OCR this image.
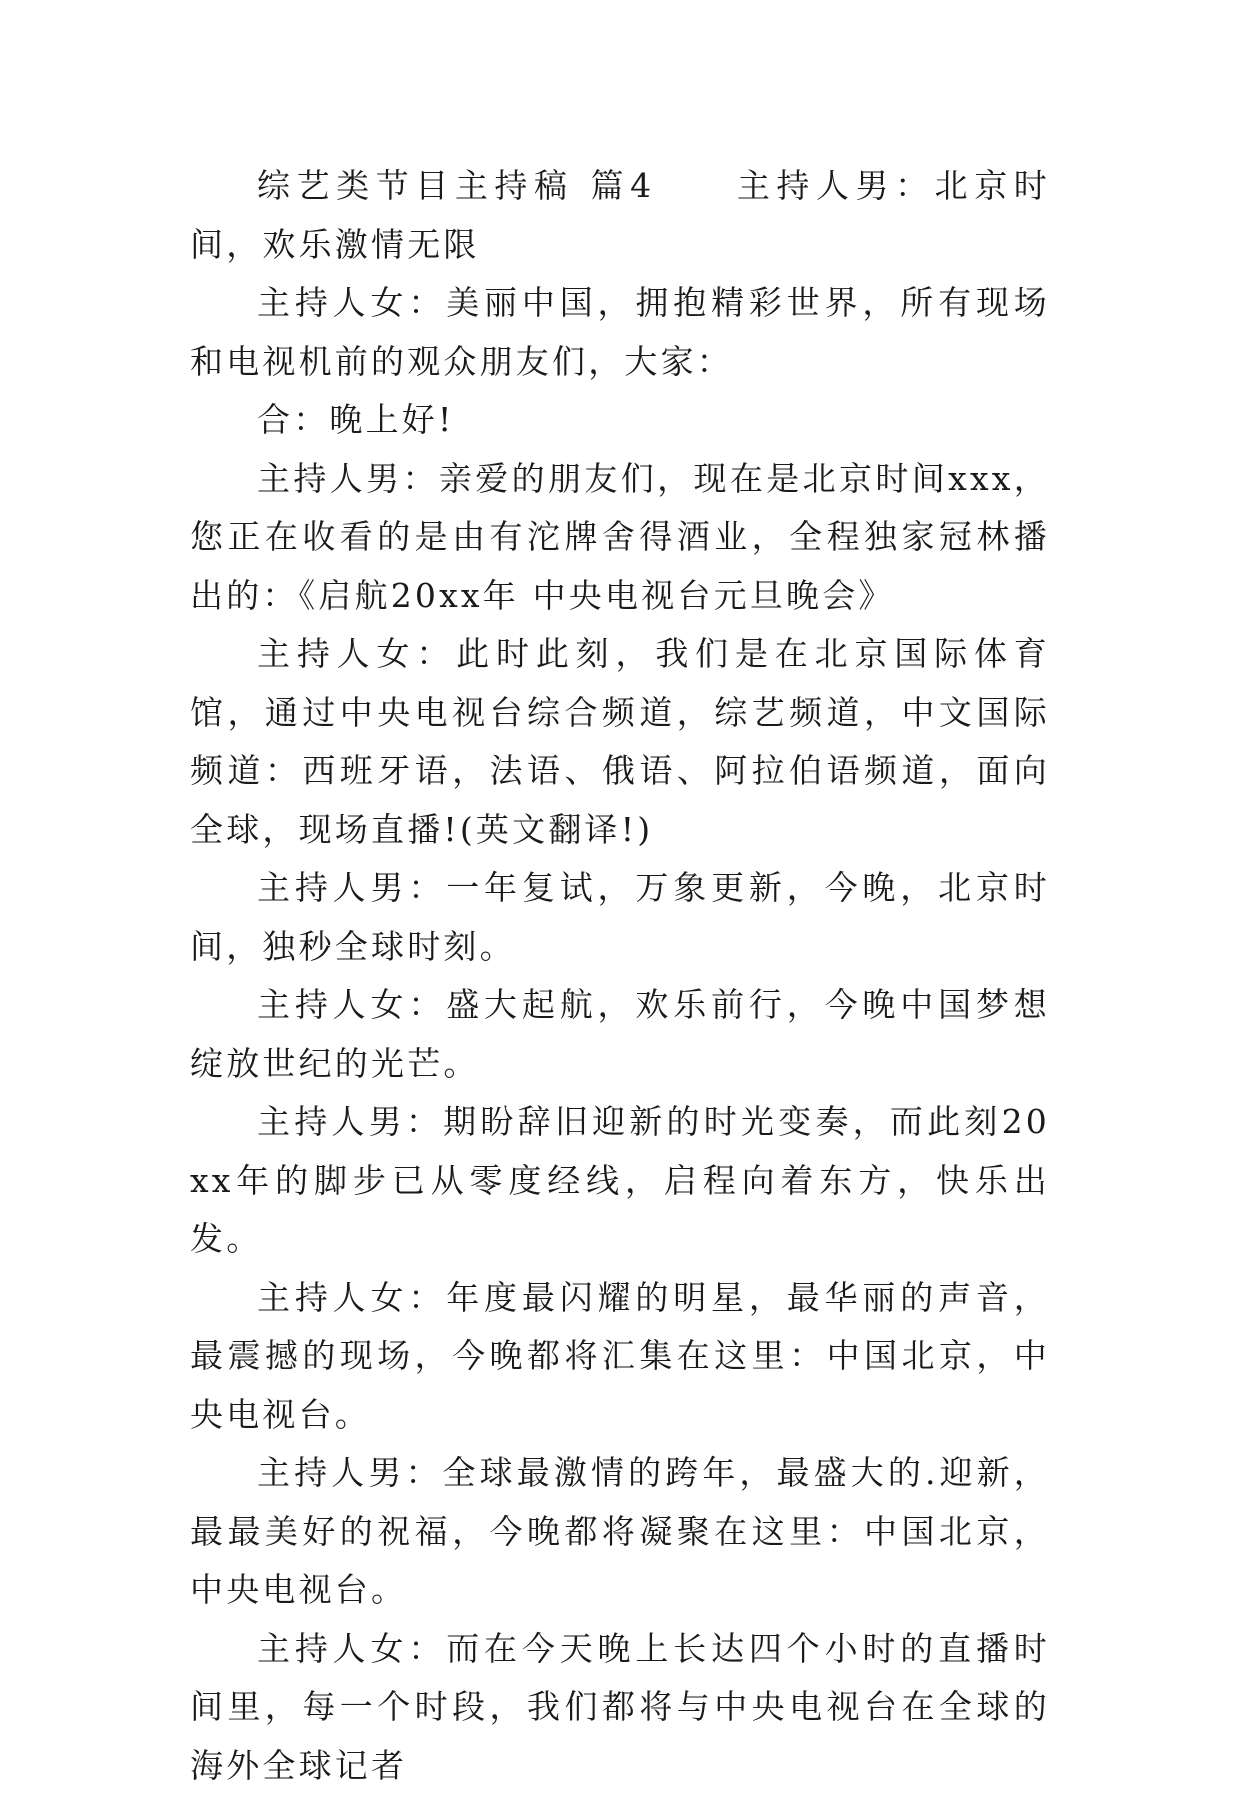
综艺类节目主持稿 篇4　　主持人男：北京时间，欢乐激情无限

主持人女：美丽中国，拥抱精彩世界，所有现场和电视机前的观众朋友们，大家：

合：晚上好!

主持人男：亲爱的朋友们，现在是北京时间xxx，您正在收看的是由有沱牌舍得酒业，全程独家冠林播出的：《启航20xx年 中央电视台元旦晚会》

主持人女：此时此刻，我们是在北京国际体育馆，通过中央电视台综合频道，综艺频道，中文国际频道：西班牙语，法语、俄语、阿拉伯语频道，面向全球，现场直播!(英文翻译!)

主持人男：一年复试，万象更新，今晚，北京时间，独秒全球时刻。

主持人女：盛大起航，欢乐前行，今晚中国梦想绽放世纪的光芒。

主持人男：期盼辞旧迎新的时光变奏，而此刻20xx年的脚步已从零度经线，启程向着东方，快乐出发。

主持人女：年度最闪耀的明星，最华丽的声音，最震撼的现场，今晚都将汇集在这里：中国北京，中央电视台。

主持人男：全球最激情的跨年，最盛大的.迎新，最最美好的祝福，今晚都将凝聚在这里：中国北京，中央电视台。

主持人女：而在今天晚上长达四个小时的直播时间里，每一个时段，我们都将与中央电视台在全球的海外全球记者
